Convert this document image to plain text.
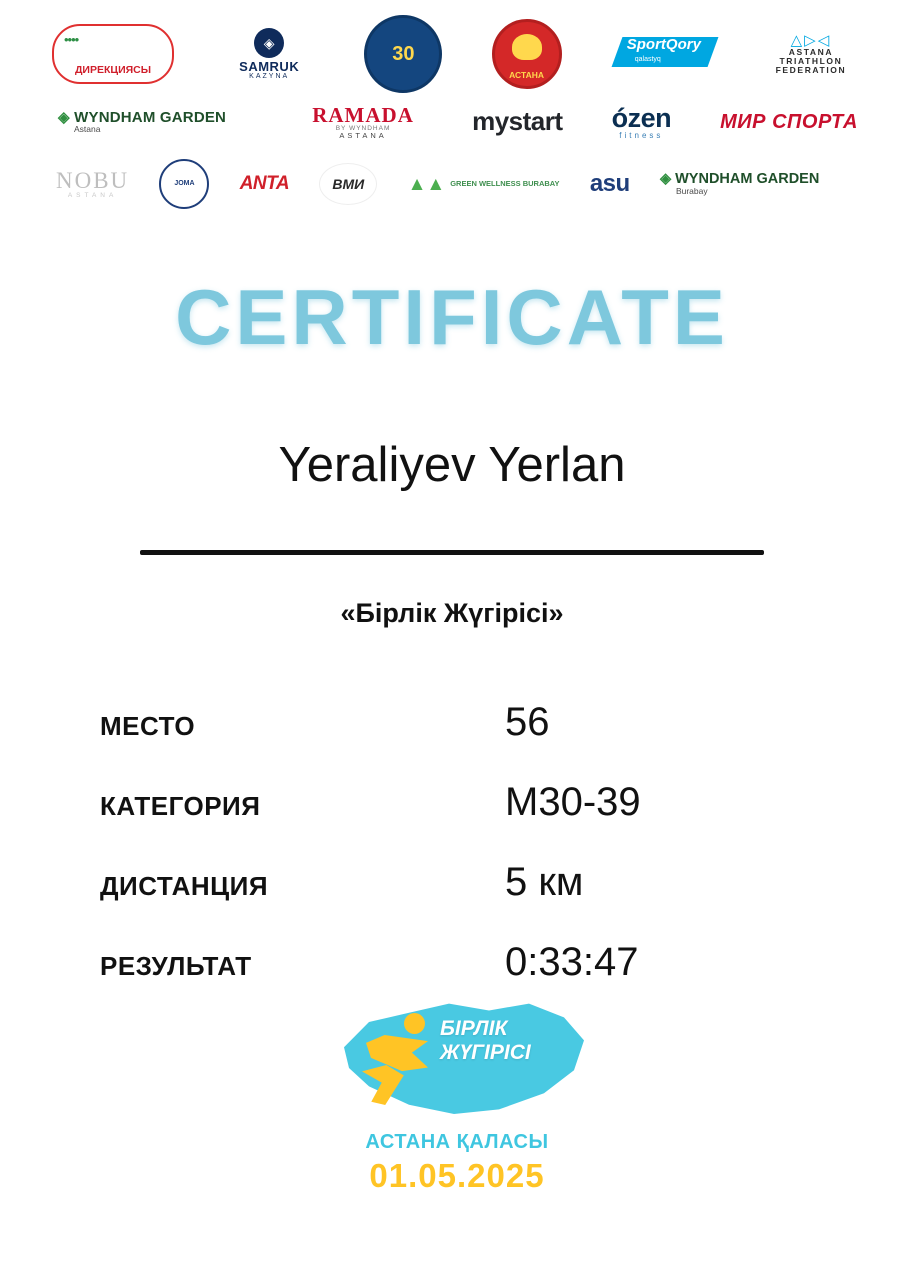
••••
ДИРЕКЦИЯСЫ
◈
SAMRUK
KAZYNA
30
АСТАНА
SportQory
qalastyq
△▷◁
ASTANA TRIATHLON FEDERATION
◈ WYNDHAM GARDEN
Astana
RAMADA
BY WYNDHAM
ASTANA	mystart ózen
fitness
МИР СПОРТА
NOBU
ASTANA
JOMA	ANTA	ВМИ	▲▲ GREEN WELLNESS BURABAY asu ◈ WYNDHAM GARDEN
Burabay
CERTIFICATE
Yeraliyev Yerlan
«Бірлік Жүгірісі»
МЕСТО	56
КАТЕГОРИЯ	М30-39
ДИСТАНЦИЯ	5 км
РЕЗУЛЬТАТ	0:33:47
БІРЛІК
ЖҮГІРІСІ
АСТАНА ҚАЛАСЫ
01.05.2025
